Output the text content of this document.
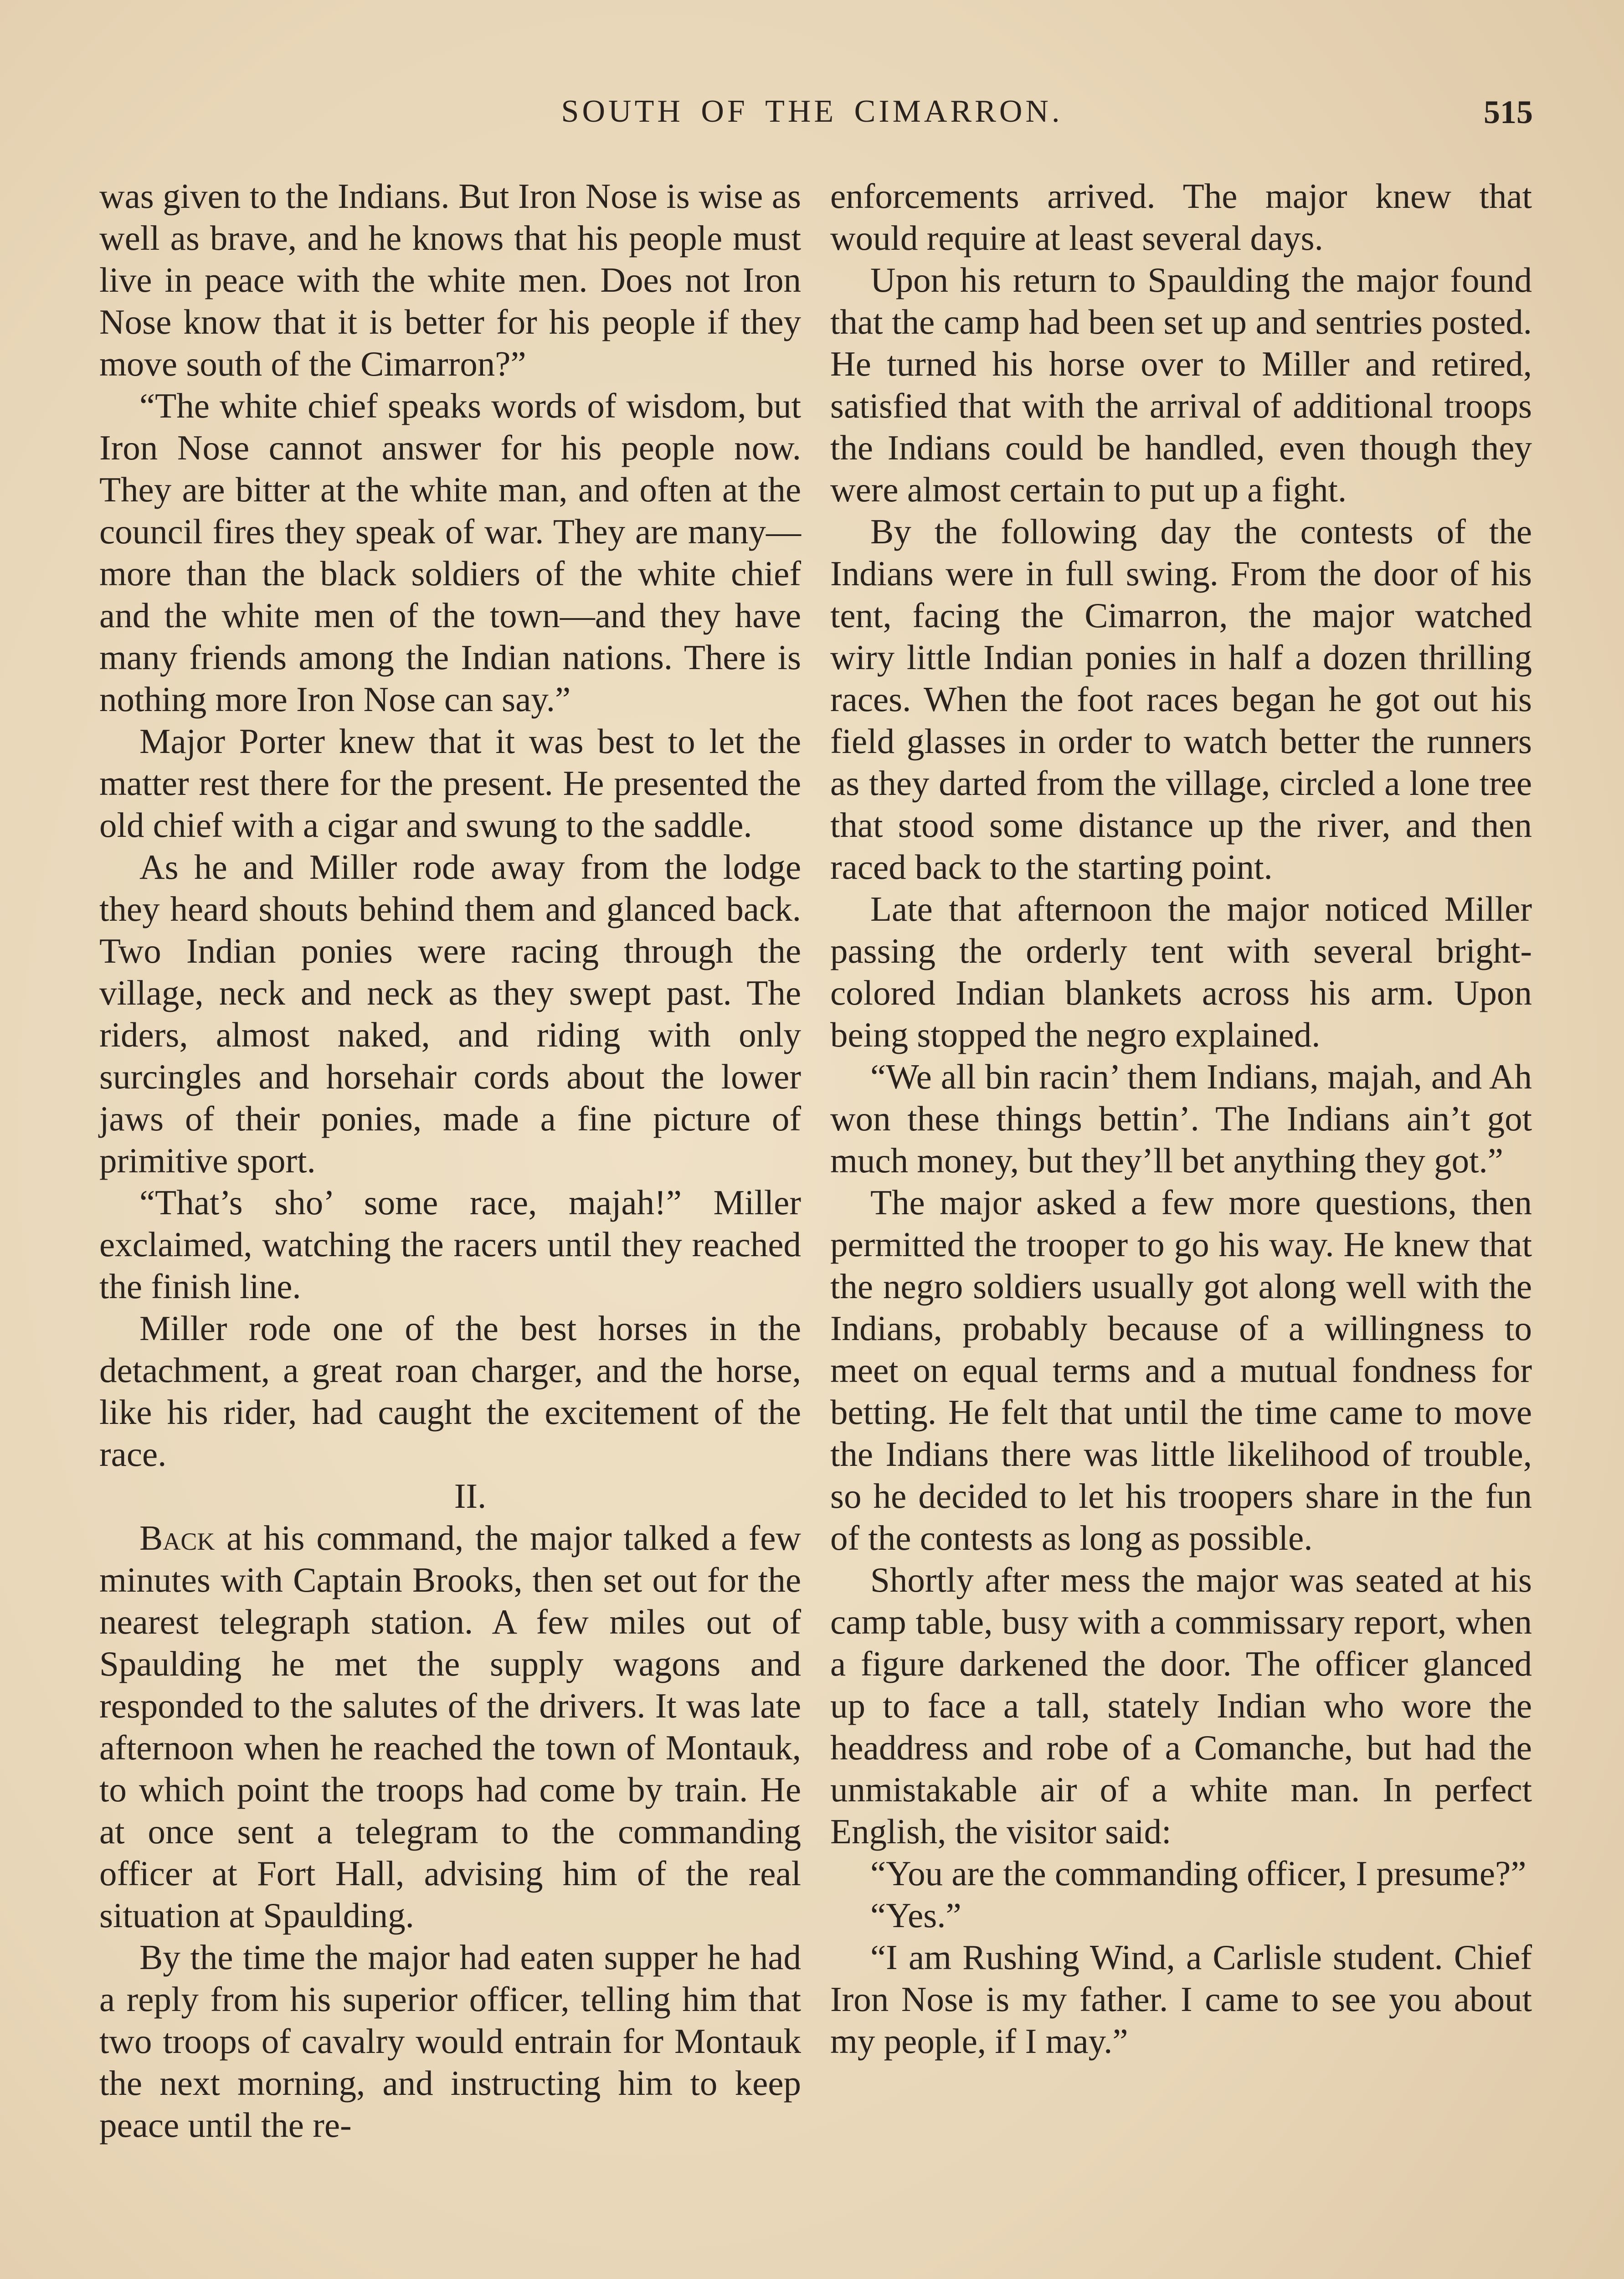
SOUTH OF THE CIMARRON.	515

was given to the Indians. But Iron Nose is wise as well as brave, and he knows that his people must live in peace with the white men. Does not Iron Nose know that it is better for his people if they move south of the Cimarron?”

“The white chief speaks words of wisdom, but Iron Nose cannot answer for his people now. They are bitter at the white man, and often at the council fires they speak of war. They are many—more than the black soldiers of the white chief and the white men of the town—and they have many friends among the Indian nations. There is nothing more Iron Nose can say.”

Major Porter knew that it was best to let the matter rest there for the present. He presented the old chief with a cigar and swung to the saddle.

As he and Miller rode away from the lodge they heard shouts behind them and glanced back. Two Indian ponies were racing through the village, neck and neck as they swept past. The riders, almost naked, and riding with only surcingles and horsehair cords about the lower jaws of their ponies, made a fine picture of primitive sport.

“That’s sho’ some race, majah!” Miller exclaimed, watching the racers until they reached the finish line.

Miller rode one of the best horses in the detachment, a great roan charger, and the horse, like his rider, had caught the excitement of the race.

II.

Back at his command, the major talked a few minutes with Captain Brooks, then set out for the nearest telegraph station. A few miles out of Spaulding he met the supply wagons and responded to the salutes of the drivers. It was late afternoon when he reached the town of Montauk, to which point the troops had come by train. He at once sent a telegram to the commanding officer at Fort Hall, advising him of the real situation at Spaulding.

By the time the major had eaten supper he had a reply from his superior officer, telling him that two troops of cavalry would entrain for Montauk the next morning, and instructing him to keep peace until the re-

enforcements arrived. The major knew that would require at least several days.

Upon his return to Spaulding the major found that the camp had been set up and sentries posted. He turned his horse over to Miller and retired, satisfied that with the arrival of additional troops the Indians could be handled, even though they were almost certain to put up a fight.

By the following day the contests of the Indians were in full swing. From the door of his tent, facing the Cimarron, the major watched wiry little Indian ponies in half a dozen thrilling races. When the foot races began he got out his field glasses in order to watch better the runners as they darted from the village, circled a lone tree that stood some distance up the river, and then raced back to the starting point.

Late that afternoon the major noticed Miller passing the orderly tent with several bright-colored Indian blankets across his arm. Upon being stopped the negro explained.

“We all bin racin’ them Indians, majah, and Ah won these things bettin’. The Indians ain’t got much money, but they’ll bet anything they got.”

The major asked a few more questions, then permitted the trooper to go his way. He knew that the negro soldiers usually got along well with the Indians, probably because of a willingness to meet on equal terms and a mutual fondness for betting. He felt that until the time came to move the Indians there was little likelihood of trouble, so he decided to let his troopers share in the fun of the contests as long as possible.

Shortly after mess the major was seated at his camp table, busy with a commissary report, when a figure darkened the door. The officer glanced up to face a tall, stately Indian who wore the headdress and robe of a Comanche, but had the unmistakable air of a white man. In perfect English, the visitor said:

“You are the commanding officer, I presume?”

“Yes.”

“I am Rushing Wind, a Carlisle student. Chief Iron Nose is my father. I came to see you about my people, if I may.”
